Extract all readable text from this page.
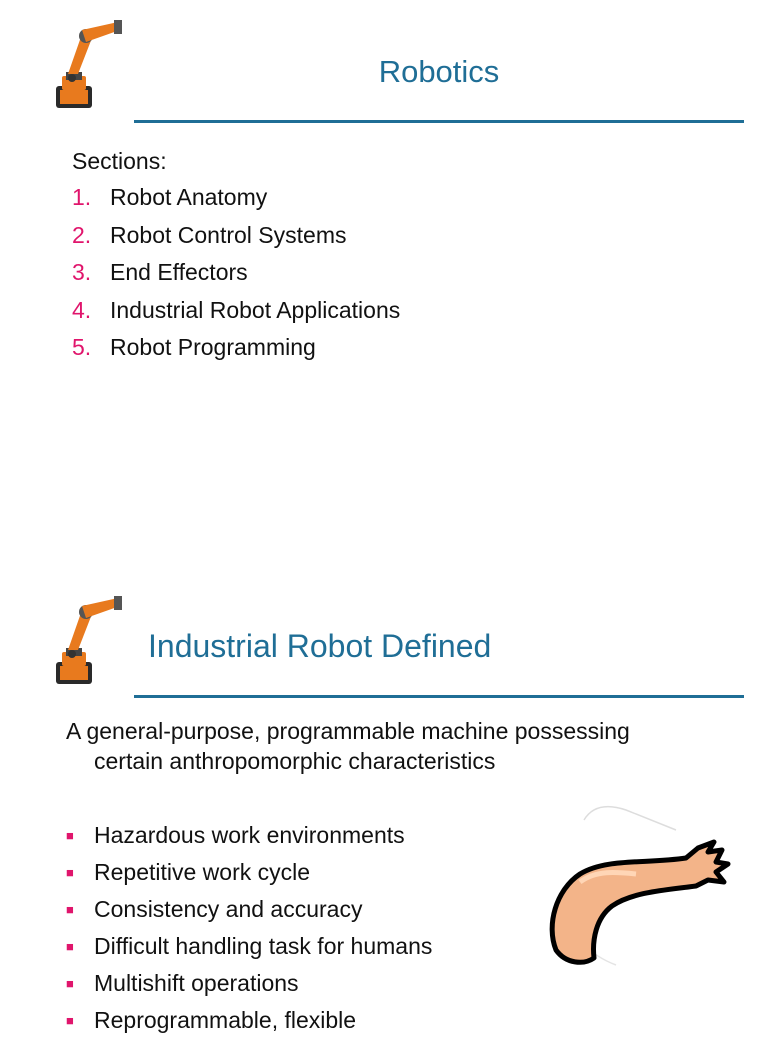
Robotics
Sections:
1. Robot Anatomy
2. Robot Control Systems
3. End Effectors
4. Industrial Robot Applications
5. Robot Programming
Industrial Robot Defined
A general-purpose, programmable machine possessing
certain anthropomorphic characteristics
■ Hazardous work environments
■ Repetitive work cycle
■ Consistency and accuracy
■ Difficult handling task for humans
■ Multishift operations
■ Reprogrammable, flexible
